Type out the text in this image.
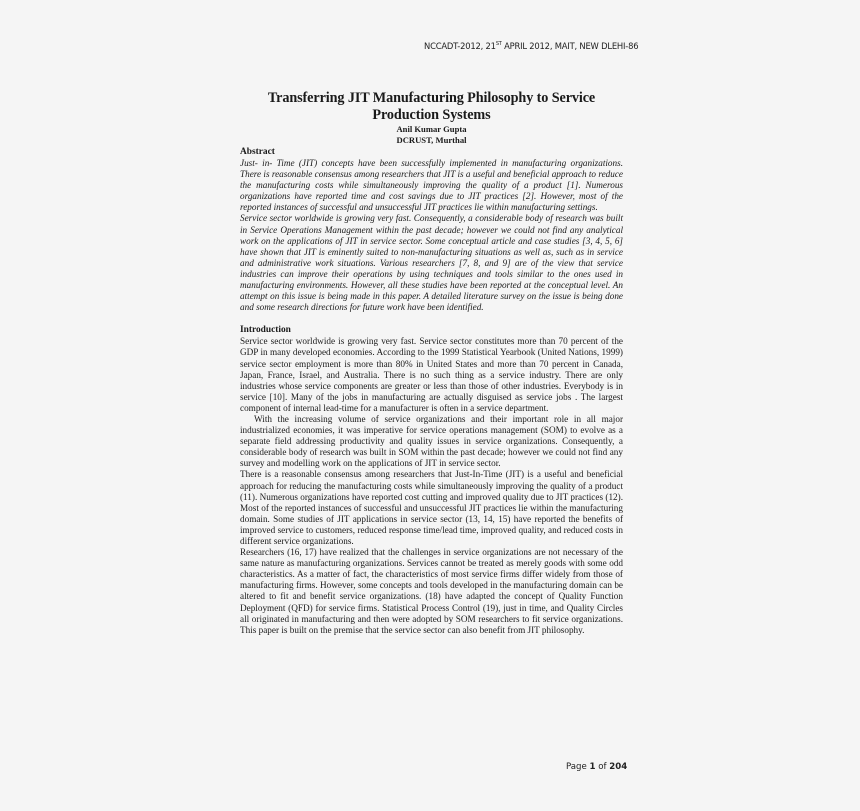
NCCADT-2012, 21ST APRIL 2012, MAIT, NEW DLEHI-86
Transferring JIT Manufacturing Philosophy to Service Production Systems
Anil Kumar Gupta
DCRUST, Murthal
Abstract

Just- in- Time (JIT) concepts have been successfully implemented in manufacturing organizations. There is reasonable consensus among researchers that JIT is a useful and beneficial approach to reduce the manufacturing costs while simultaneously improving the quality of a product [1]. Numerous organizations have reported time and cost savings due to JIT practices [2]. However, most of the reported instances of successful and unsuccessful JIT practices lie within manufacturing settings.

Service sector worldwide is growing very fast. Consequently, a considerable body of research was built in Service Operations Management within the past decade; however we could not find any analytical work on the applications of JIT in service sector. Some conceptual article and case studies [3, 4, 5, 6] have shown that JIT is eminently suited to non-manufacturing situations as well as, such as in service and administrative work situations. Various researchers [7, 8, and 9] are of the view that service industries can improve their operations by using techniques and tools similar to the ones used in manufacturing environments. However, all these studies have been reported at the conceptual level. An attempt on this issue is being made in this paper. A detailed literature survey on the issue is being done and some research directions for future work have been identified.

Introduction

Service sector worldwide is growing very fast. Service sector constitutes more than 70 percent of the GDP in many developed economies. According to the 1999 Statistical Yearbook (United Nations, 1999) service sector employment is more than 80% in United States and more than 70 percent in Canada, Japan, France, Israel, and Australia. There is no such thing as a service industry. There are only industries whose service components are greater or less than those of other industries. Everybody is in service [10]. Many of the jobs in manufacturing are actually disguised as service jobs . The largest component of internal lead-time for a manufacturer is often in a service department.

With the increasing volume of service organizations and their important role in all major industrialized economies, it was imperative for service operations management (SOM) to evolve as a separate field addressing productivity and quality issues in service organizations. Consequently, a considerable body of research was built in SOM within the past decade; however we could not find any survey and modelling work on the applications of JIT in service sector.

There is a reasonable consensus among researchers that Just-In-Time (JIT) is a useful and beneficial approach for reducing the manufacturing costs while simultaneously improving the quality of a product (11). Numerous organizations have reported cost cutting and improved quality due to JIT practices (12). Most of the reported instances of successful and unsuccessful JIT practices lie within the manufacturing domain. Some studies of JIT applications in service sector (13, 14, 15) have reported the benefits of improved service to customers, reduced response time/lead time, improved quality, and reduced costs in different service organizations.

Researchers (16, 17) have realized that the challenges in service organizations are not necessary of the same nature as manufacturing organizations. Services cannot be treated as merely goods with some odd characteristics. As a matter of fact, the characteristics of most service firms differ widely from those of manufacturing firms. However, some concepts and tools developed in the manufacturing domain can be altered to fit and benefit service organizations. (18) have adapted the concept of Quality Function Deployment (QFD) for service firms. Statistical Process Control (19), just in time, and Quality Circles all originated in manufacturing and then were adopted by SOM researchers to fit service organizations. This paper is built on the premise that the service sector can also benefit from JIT philosophy.

Page 1 of 204
